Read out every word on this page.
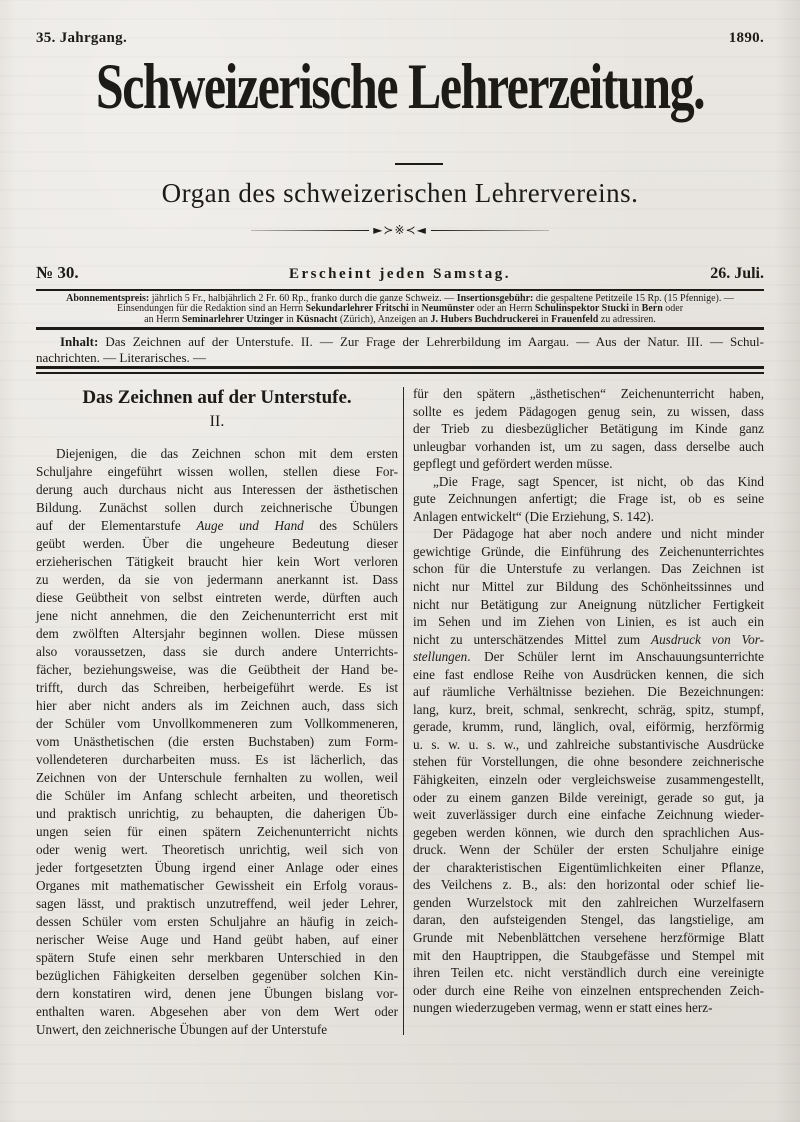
35. Jahrgang.	1890.
Schweizerische Lehrerzeitung.
Organ des schweizerischen Lehrervereins.
►≻※≺◄
№ 30.	Erscheint jeden Samstag.	26. Juli.
Abonnementspreis: jährlich 5 Fr., halbjährlich 2 Fr. 60 Rp., franko durch die ganze Schweiz. — Insertionsgebühr: die gespaltene Petitzeile 15 Rp. (15 Pfennige). —
Einsendungen für die Redaktion sind an Herrn Sekundarlehrer Fritschi in Neumünster oder an Herrn Schulinspektor Stucki in Bern oder
an Herrn Seminarlehrer Utzinger in Küsnacht (Zürich), Anzeigen an J. Hubers Buchdruckerei in Frauenfeld zu adressiren.
Inhalt: Das Zeichnen auf der Unterstufe. II. — Zur Frage der Lehrerbildung im Aargau. — Aus der Natur. III. — Schul-
nachrichten. — Literarisches. —
Das Zeichnen auf der Unterstufe.
II.
Diejenigen, die das Zeichnen schon mit dem ersten
Schuljahre eingeführt wissen wollen, stellen diese For-
derung auch durchaus nicht aus Interessen der ästhetischen
Bildung. Zunächst sollen durch zeichnerische Übungen
auf der Elementarstufe Auge und Hand des Schülers
geübt werden. Über die ungeheure Bedeutung dieser
erzieherischen Tätigkeit braucht hier kein Wort verloren
zu werden, da sie von jedermann anerkannt ist. Dass
diese Geübtheit von selbst eintreten werde, dürften auch
jene nicht annehmen, die den Zeichenunterricht erst mit
dem zwölften Altersjahr beginnen wollen. Diese müssen
also voraussetzen, dass sie durch andere Unterrichts-
fächer, beziehungsweise, was die Geübtheit der Hand be-
trifft, durch das Schreiben, herbeigeführt werde. Es ist
hier aber nicht anders als im Zeichnen auch, dass sich
der Schüler vom Unvollkommeneren zum Vollkommeneren,
vom Unästhetischen (die ersten Buchstaben) zum Form-
vollendeteren durcharbeiten muss. Es ist lächerlich, das
Zeichnen von der Unterschule fernhalten zu wollen, weil
die Schüler im Anfang schlecht arbeiten, und theoretisch
und praktisch unrichtig, zu behaupten, die daherigen Üb-
ungen seien für einen spätern Zeichenunterricht nichts
oder wenig wert. Theoretisch unrichtig, weil sich von
jeder fortgesetzten Übung irgend einer Anlage oder eines
Organes mit mathematischer Gewissheit ein Erfolg voraus-
sagen lässt, und praktisch unzutreffend, weil jeder Lehrer,
dessen Schüler vom ersten Schuljahre an häufig in zeich-
nerischer Weise Auge und Hand geübt haben, auf einer
spätern Stufe einen sehr merkbaren Unterschied in den
bezüglichen Fähigkeiten derselben gegenüber solchen Kin-
dern konstatiren wird, denen jene Übungen bislang vor-
enthalten waren. Abgesehen aber von dem Wert oder
Unwert, den zeichnerische Übungen auf der Unterstufe
für den spätern „ästhetischen“ Zeichenunterricht haben,
sollte es jedem Pädagogen genug sein, zu wissen, dass
der Trieb zu diesbezüglicher Betätigung im Kinde ganz
unleugbar vorhanden ist, um zu sagen, dass derselbe auch
gepflegt und gefördert werden müsse.
„Die Frage, sagt Spencer, ist nicht, ob das Kind
gute Zeichnungen anfertigt; die Frage ist, ob es seine
Anlagen entwickelt“ (Die Erziehung, S. 142).
Der Pädagoge hat aber noch andere und nicht minder
gewichtige Gründe, die Einführung des Zeichenunterrichtes
schon für die Unterstufe zu verlangen. Das Zeichnen ist
nicht nur Mittel zur Bildung des Schönheitssinnes und
nicht nur Betätigung zur Aneignung nützlicher Fertigkeit
im Sehen und im Ziehen von Linien, es ist auch ein
nicht zu unterschätzendes Mittel zum Ausdruck von Vor-
stellungen. Der Schüler lernt im Anschauungsunterrichte
eine fast endlose Reihe von Ausdrücken kennen, die sich
auf räumliche Verhältnisse beziehen. Die Bezeichnungen:
lang, kurz, breit, schmal, senkrecht, schräg, spitz, stumpf,
gerade, krumm, rund, länglich, oval, eiförmig, herzförmig
u. s. w. u. s. w., und zahlreiche substantivische Ausdrücke
stehen für Vorstellungen, die ohne besondere zeichnerische
Fähigkeiten, einzeln oder vergleichsweise zusammengestellt,
oder zu einem ganzen Bilde vereinigt, gerade so gut, ja
weit zuverlässiger durch eine einfache Zeichnung wieder-
gegeben werden können, wie durch den sprachlichen Aus-
druck. Wenn der Schüler der ersten Schuljahre einige
der charakteristischen Eigentümlichkeiten einer Pflanze,
des Veilchens z. B., als: den horizontal oder schief lie-
genden Wurzelstock mit den zahlreichen Wurzelfasern
daran, den aufsteigenden Stengel, das langstielige, am
Grunde mit Nebenblättchen versehene herzförmige Blatt
mit den Hauptrippen, die Staubgefässe und Stempel mit
ihren Teilen etc. nicht verständlich durch eine vereinigte
oder durch eine Reihe von einzelnen entsprechenden Zeich-
nungen wiederzugeben vermag, wenn er statt eines herz-
